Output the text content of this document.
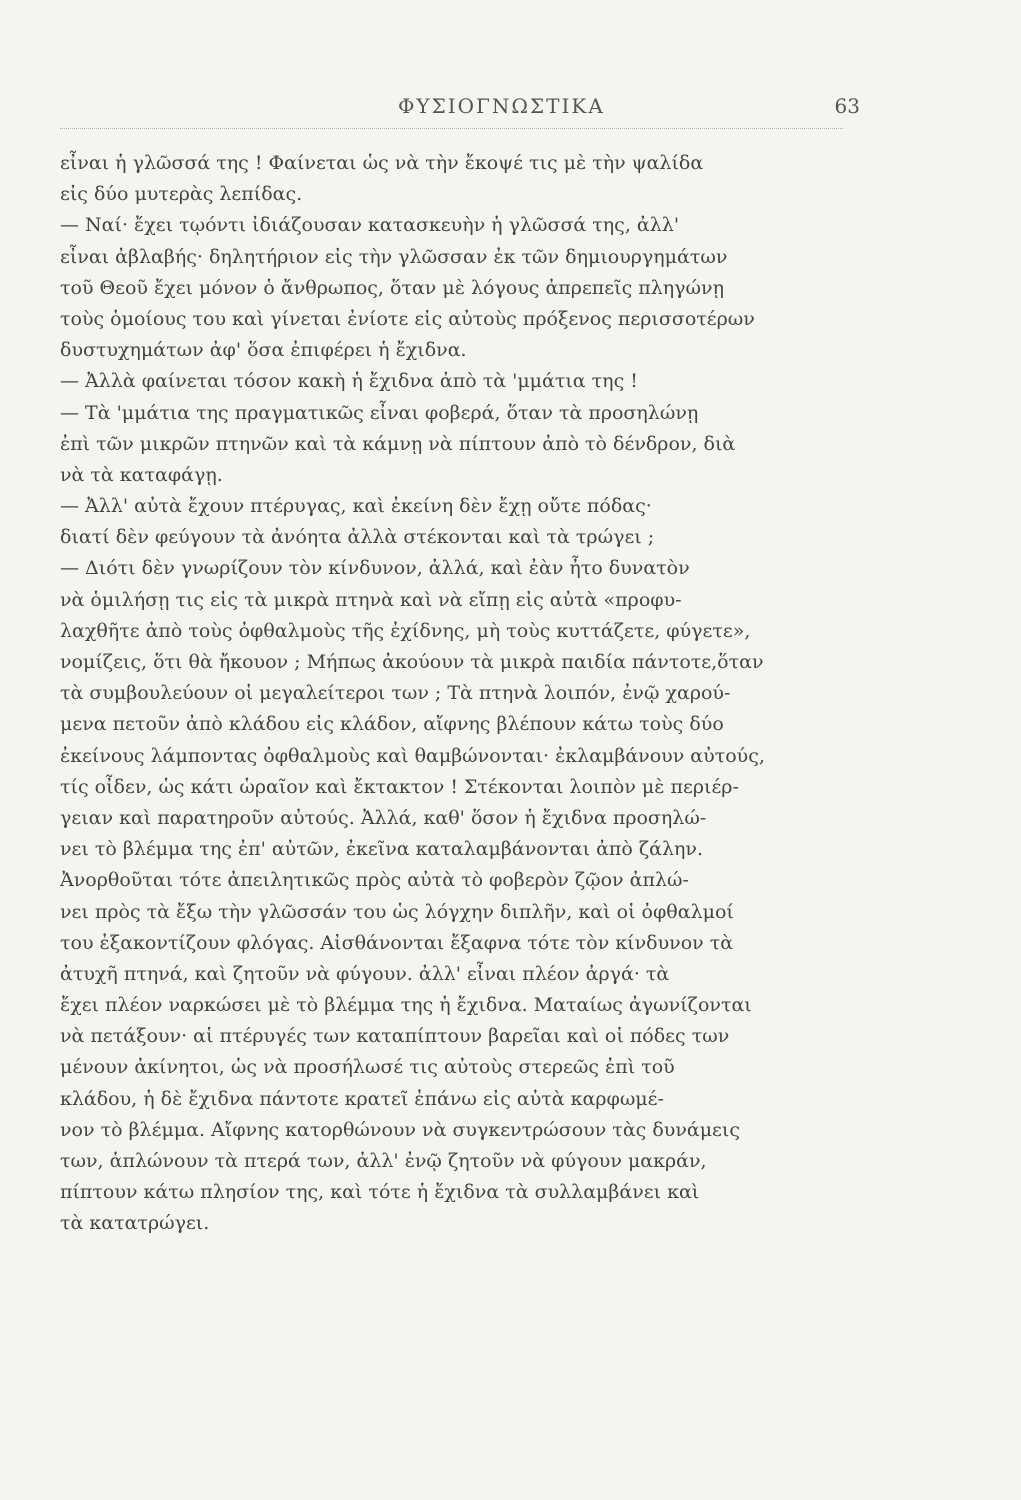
ΦΥΣΙΟΓΝΩΣΤΙΚΑ	63
εἶναι ἡ γλῶσσά της ! Φαίνεται ὡς νὰ τὴν ἔκοψέ τις μὲ τὴν ψαλίδα
εἰς δύο μυτερὰς λεπίδας.
— Ναί· ἔχει τῳόντι ἰδιάζουσαν κατασκευὴν ἡ γλῶσσά της, ἀλλ'
εἶναι ἀβλαβής· δηλητήριον εἰς τὴν γλῶσσαν ἐκ τῶν δημιουργημάτων
τοῦ Θεοῦ ἔχει μόνον ὁ ἄνθρωπος, ὅταν μὲ λόγους ἀπρεπεῖς πληγώνῃ
τοὺς ὁμοίους του καὶ γίνεται ἐνίοτε εἰς αὐτοὺς πρόξενος περισσοτέρων
δυστυχημάτων ἀφ' ὅσα ἐπιφέρει ἡ ἔχιδνα.
— Ἀλλὰ φαίνεται τόσον κακὴ ἡ ἔχιδνα ἀπὸ τὰ 'μμάτια της !
— Τὰ 'μμάτια της πραγματικῶς εἶναι φοβερά, ὅταν τὰ προσηλώνῃ
ἐπὶ τῶν μικρῶν πτηνῶν καὶ τὰ κάμνῃ νὰ πίπτουν ἀπὸ τὸ δένδρον, διὰ
νὰ τὰ καταφάγῃ.
— Ἀλλ' αὐτὰ ἔχουν πτέρυγας, καὶ ἐκείνη δὲν ἔχῃ οὔτε πόδας·
διατί δὲν φεύγουν τὰ ἀνόητα ἀλλὰ στέκονται καὶ τὰ τρώγει ;
— Διότι δὲν γνωρίζουν τὸν κίνδυνον, ἀλλά, καὶ ἐὰν ἦτο δυνατὸν
νὰ ὁμιλήσῃ τις εἰς τὰ μικρὰ πτηνὰ καὶ νὰ εἴπῃ εἰς αὐτὰ «προφυ-
λαχθῆτε ἀπὸ τοὺς ὀφθαλμοὺς τῆς ἐχίδνης, μὴ τοὺς κυττάζετε, φύγετε»,
νομίζεις, ὅτι θὰ ἤκουον ; Μήπως ἀκούουν τὰ μικρὰ παιδία πάντοτε,ὅταν
τὰ συμβουλεύουν οἱ μεγαλείτεροι των ; Τὰ πτηνὰ λοιπόν, ἐνῷ χαρού-
μενα πετοῦν ἀπὸ κλάδου εἰς κλάδον, αἴφνης βλέπουν κάτω τοὺς δύο
ἐκείνους λάμποντας ὀφθαλμοὺς καὶ θαμβώνονται· ἐκλαμβάνουν αὐτούς,
τίς οἶδεν, ὡς κάτι ὡραῖον καὶ ἔκτακτον ! Στέκονται λοιπὸν μὲ περιέρ-
γειαν καὶ παρατηροῦν αὐτούς. Ἀλλά, καθ' ὅσον ἡ ἔχιδνα προσηλώ-
νει τὸ βλέμμα της ἐπ' αὐτῶν, ἐκεῖνα καταλαμβάνονται ἀπὸ ζάλην.
Ἀνορθοῦται τότε ἀπειλητικῶς πρὸς αὐτὰ τὸ φοβερὸν ζῷον ἀπλώ-
νει πρὸς τὰ ἔξω τὴν γλῶσσάν του ὡς λόγχην διπλῆν, καὶ οἱ ὀφθαλμοί
του ἐξακοντίζουν φλόγας. Αἰσθάνονται ἔξαφνα τότε τὸν κίνδυνον τὰ
ἀτυχῆ πτηνά, καὶ ζητοῦν νὰ φύγουν. ἀλλ' εἶναι πλέον ἀργά· τὰ
ἔχει πλέον ναρκώσει μὲ τὸ βλέμμα της ἡ ἔχιδνα. Ματαίως ἀγωνίζονται
νὰ πετάξουν· αἱ πτέρυγές των καταπίπτουν βαρεῖαι καὶ οἱ πόδες των
μένουν ἀκίνητοι, ὡς νὰ προσήλωσέ τις αὐτοὺς στερεῶς ἐπὶ τοῦ
κλάδου, ἡ δὲ ἔχιδνα πάντοτε κρατεῖ ἐπάνω εἰς αὐτὰ καρφωμέ-
νον τὸ βλέμμα. Αἴφνης κατορθώνουν νὰ συγκεντρώσουν τὰς δυνάμεις
των, ἁπλώνουν τὰ πτερά των, ἀλλ' ἐνῷ ζητοῦν νὰ φύγουν μακράν,
πίπτουν κάτω πλησίον της, καὶ τότε ἡ ἔχιδνα τὰ συλλαμβάνει καὶ
τὰ κατατρώγει.
